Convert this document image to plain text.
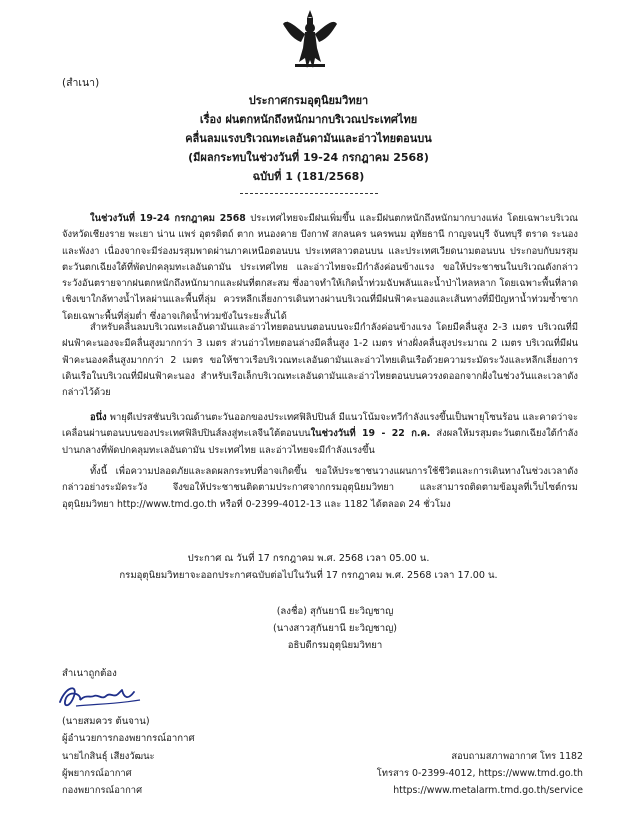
(สำเนา)
ประกาศกรมอุตุนิยมวิทยา
เรื่อง ฝนตกหนักถึงหนักมากบริเวณประเทศไทย
คลื่นลมแรงบริเวณทะเลอันดามันและอ่าวไทยตอนบน
(มีผลกระทบในช่วงวันที่ 19-24 กรกฎาคม 2568)
ฉบับที่ 1 (181/2568)
ในช่วงวันที่ 19-24 กรกฎาคม 2568 ประเทศไทยจะมีฝนเพิ่มขึ้น และมีฝนตกหนักถึงหนักมากบางแห่ง โดยเฉพาะบริเวณจังหวัดเชียงราย พะเยา น่าน แพร่ อุตรดิตถ์ ตาก หนองคาย บึงกาฬ สกลนคร นครพนม อุทัยธานี กาญจนบุรี จันทบุรี ตราด ระนอง และพังงา เนื่องจากจะมีร่องมรสุมพาดผ่านภาคเหนือตอนบน ประเทศลาวตอนบน และประเทศเวียดนามตอนบน ประกอบกับมรสุมตะวันตกเฉียงใต้ที่พัดปกคลุมทะเลอันดามัน ประเทศไทย และอ่าวไทยจะมีกำลังค่อนข้างแรง ขอให้ประชาชนในบริเวณดังกล่าวระวังอันตรายจากฝนตกหนักถึงหนักมากและฝนที่ตกสะสม ซึ่งอาจทำให้เกิดน้ำท่วมฉับพลันและน้ำป่าไหลหลาก โดยเฉพาะพื้นที่ลาดเชิงเขาใกล้ทางน้ำไหลผ่านและพื้นที่ลุ่ม ควรหลีกเลี่ยงการเดินทางผ่านบริเวณที่มีฝนฟ้าคะนองและเส้นทางที่มีปัญหาน้ำท่วมซ้ำซาก โดยเฉพาะพื้นที่ลุ่มต่ำ ซึ่งอาจเกิดน้ำท่วมขังในระยะสั้นได้
สำหรับคลื่นลมบริเวณทะเลอันดามันและอ่าวไทยตอนบนตอนบนจะมีกำลังค่อนข้างแรง โดยมีคลื่นสูง 2-3 เมตร บริเวณที่มีฝนฟ้าคะนองจะมีคลื่นสูงมากกว่า 3 เมตร ส่วนอ่าวไทยตอนล่างมีคลื่นสูง 1-2 เมตร ห่างฝั่งคลื่นสูงประมาณ 2 เมตร บริเวณที่มีฝนฟ้าคะนองคลื่นสูงมากกว่า 2 เมตร ขอให้ชาวเรือบริเวณทะเลอันดามันและอ่าวไทยเดินเรือด้วยความระมัดระวังและหลีกเลี่ยงการเดินเรือในบริเวณที่มีฝนฟ้าคะนอง สำหรับเรือเล็กบริเวณทะเลอันดามันและอ่าวไทยตอนบนควรงดออกจากฝั่งในช่วงวันและเวลาดังกล่าวไว้ด้วย
อนึ่ง พายุดีเปรสชันบริเวณด้านตะวันออกของประเทศฟิลิปปินส์ มีแนวโน้มจะทวีกำลังแรงขึ้นเป็นพายุโซนร้อน และคาดว่าจะเคลื่อนผ่านตอนบนของประเทศฟิลิปปินส์ลงสู่ทะเลจีนใต้ตอนบนในช่วงวันที่ 19 - 22 ก.ค. ส่งผลให้มรสุมตะวันตกเฉียงใต้กำลังปานกลางที่พัดปกคลุมทะเลอันดามัน ประเทศไทย และอ่าวไทยจะมีกำลังแรงขึ้น
ทั้งนี้ เพื่อความปลอดภัยและลดผลกระทบที่อาจเกิดขึ้น ขอให้ประชาชนวางแผนการใช้ชีวิตและการเดินทางในช่วงเวลาดังกล่าวอย่างระมัดระวัง จึงขอให้ประชาชนติดตามประกาศจากกรมอุตุนิยมวิทยา และสามารถติดตามข้อมูลที่เว็บไซต์กรมอุตุนิยมวิทยา http://www.tmd.go.th หรือที่ 0-2399-4012-13 และ 1182 ได้ตลอด 24 ชั่วโมง
ประกาศ ณ วันที่ 17 กรกฎาคม พ.ศ. 2568 เวลา 05.00 น.
กรมอุตุนิยมวิทยาจะออกประกาศฉบับต่อไปในวันที่ 17 กรกฎาคม พ.ศ. 2568 เวลา 17.00 น.
(ลงชื่อ) สุกันยานี ยะวิญชาญ
(นางสาวสุกันยานี ยะวิญชาญ)
อธิบดีกรมอุตุนิยมวิทยา
สำเนาถูกต้อง
(นายสมควร ต้นจาน)
ผู้อำนวยการกองพยากรณ์อากาศ
นายไกสินธุ์ เสียงวัฒนะ
ผู้พยากรณ์อากาศ
กองพยากรณ์อากาศ
สอบถามสภาพอากาศ โทร 1182
โทรสาร 0-2399-4012, https://www.tmd.go.th
https://www.metalarm.tmd.go.th/service
